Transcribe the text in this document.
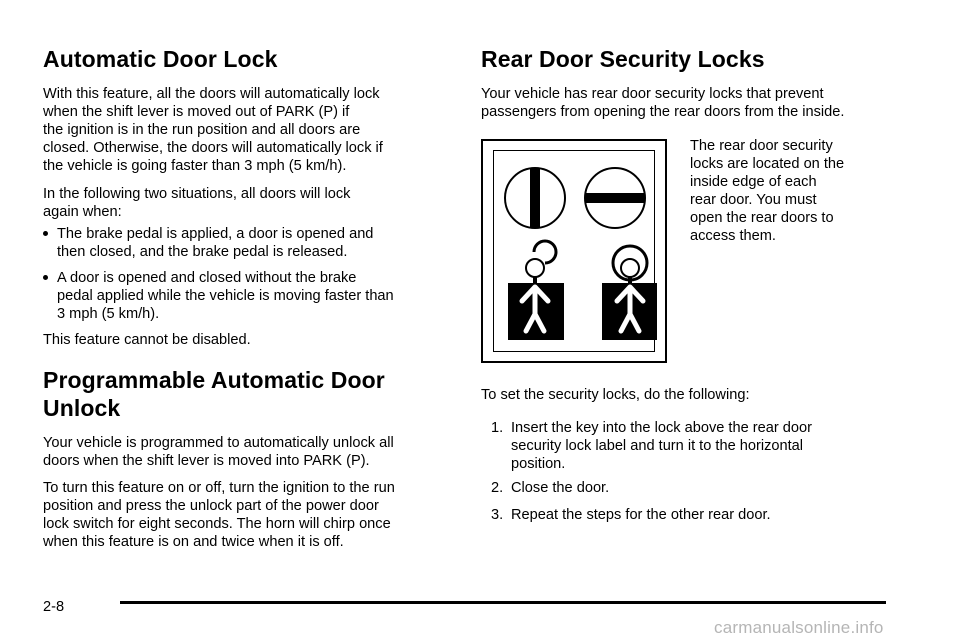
Automatic Door Lock

With this feature, all the doors will automatically lock

when the shift lever is moved out of PARK (P) if

the ignition is in the run position and all doors are

closed. Otherwise, the doors will automatically lock if

the vehicle is going faster than 3 mph (5 km/h).

In the following two situations, all doors will lock

again when:

The brake pedal is applied, a door is opened and

then closed, and the brake pedal is released.

A door is opened and closed without the brake

pedal applied while the vehicle is moving faster than

3 mph (5 km/h).

This feature cannot be disabled.

Programmable Automatic Door
Unlock

Your vehicle is programmed to automatically unlock all

doors when the shift lever is moved into PARK (P).

To turn this feature on or off, turn the ignition to the run

position and press the unlock part of the power door

lock switch for eight seconds. The horn will chirp once

when this feature is on and twice when it is off.

Rear Door Security Locks

Your vehicle has rear door security locks that prevent

passengers from opening the rear doors from the inside.

The rear door security

locks are located on the

inside edge of each

rear door. You must

open the rear doors to

access them.

To set the security locks, do the following:

1. Insert the key into the lock above the rear door

security lock label and turn it to the horizontal

position.

2. Close the door.

3. Repeat the steps for the other rear door.

2-8
carmanualsonline.info
